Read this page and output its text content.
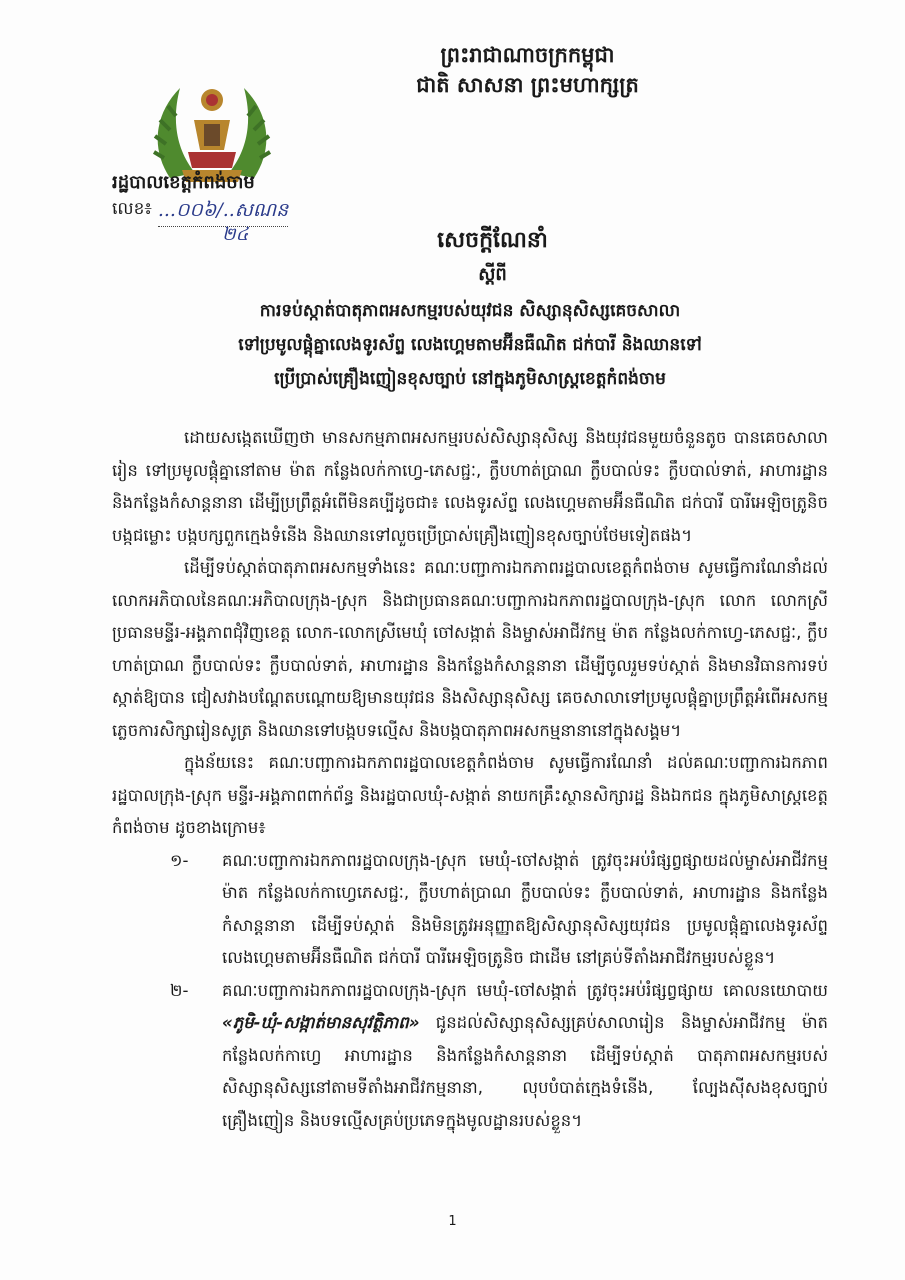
ព្រះរាជាណាចក្រកម្ពុជា
ជាតិ សាសនា ព្រះមហាក្សត្រ
រដ្ឋបាលខេត្តកំពង់ចាម
លេខ៖ ...០០៦/..សណន
២៤	សេចក្តីណែនាំ
ស្តីពី
ការទប់ស្កាត់បាតុភាពអសកម្មរបស់យុវជន សិស្សានុសិស្សគេចសាលា
ទៅប្រមូលផ្តុំគ្នាលេងទូរស័ព្ទ លេងហ្គេមតាមអ៊ីនធឺណិត ជក់បារី និងឈានទៅ
ប្រើប្រាស់គ្រឿងញៀនខុសច្បាប់ នៅក្នុងភូមិសាស្ត្រខេត្តកំពង់ចាម

ដោយសង្កេតឃើញថា មានសកម្មភាពអសកម្មរបស់សិស្សានុសិស្ស និងយុវជនមួយចំនួនតូច បានគេចសាលារៀន ទៅប្រមូលផ្តុំគ្នានៅតាម ម៉ាត កន្លែងលក់កាហ្វេ-ភេសជ្ជៈ, ក្លឹបហាត់ប្រាណ ក្លឹបបាល់ទះ ក្លឹបបាល់ទាត់, អាហារដ្ឋាន និងកន្លែងកំសាន្តនានា ដើម្បីប្រព្រឹត្តអំពើមិនគប្បីដូចជា៖ លេងទូរស័ព្ទ លេងហ្គេមតាមអ៊ីនធឺណិត ជក់បារី បារីអេឡិចត្រូនិច បង្កជម្លោះ បង្កបក្សពួកក្មេងទំនើង និងឈានទៅលួចប្រើប្រាស់គ្រឿងញៀនខុសច្បាប់ថែមទៀតផង។

ដើម្បីទប់ស្កាត់បាតុភាពអសកម្មទាំងនេះ គណៈបញ្ជាការឯកភាពរដ្ឋបាលខេត្តកំពង់ចាម សូមធ្វើការណែនាំដល់លោកអភិបាលនៃគណៈអភិបាលក្រុង-ស្រុក និងជាប្រធានគណៈបញ្ជាការឯកភាពរដ្ឋបាលក្រុង-ស្រុក លោក លោកស្រីប្រធានមន្ទីរ-អង្គភាពជុំវិញខេត្ត លោក-លោកស្រីមេឃុំ ចៅសង្កាត់ និងម្ចាស់អាជីវកម្ម ម៉ាត កន្លែងលក់កាហ្វេ-ភេសជ្ជៈ, ក្លឹបហាត់ប្រាណ ក្លឹបបាល់ទះ ក្លឹបបាល់ទាត់, អាហារដ្ឋាន និងកន្លែងកំសាន្តនានា ដើម្បីចូលរួមទប់ស្កាត់ និងមានវិធានការទប់ស្កាត់ឱ្យបាន ជៀសវាងបណ្តែតបណ្តោយឱ្យមានយុវជន និងសិស្សានុសិស្ស គេចសាលាទៅប្រមូលផ្តុំគ្នាប្រព្រឹត្តអំពើអសកម្ម ភ្លេចការសិក្សារៀនសូត្រ និងឈានទៅបង្កបទល្មើស និងបង្កបាតុភាពអសកម្មនានានៅក្នុងសង្គម។

ក្នុងន័យនេះ គណៈបញ្ជាការឯកភាពរដ្ឋបាលខេត្តកំពង់ចាម សូមធ្វើការណែនាំ ដល់គណៈបញ្ជាការឯកភាពរដ្ឋបាលក្រុង-ស្រុក មន្ទីរ-អង្គភាពពាក់ព័ន្ធ និងរដ្ឋបាលឃុំ-សង្កាត់ នាយកគ្រឹះស្ថានសិក្សារដ្ឋ និងឯកជន ក្នុងភូមិសាស្ត្រខេត្តកំពង់ចាម ដូចខាងក្រោម៖

១- គណៈបញ្ជាការឯកភាពរដ្ឋបាលក្រុង-ស្រុក មេឃុំ-ចៅសង្កាត់ ត្រូវចុះអប់រំផ្សព្វផ្សាយដល់ម្ចាស់អាជីវកម្ម ម៉ាត កន្លែងលក់កាហ្វេភេសជ្ជៈ, ក្លឹបហាត់ប្រាណ ក្លឹបបាល់ទះ ក្លឹបបាល់ទាត់, អាហារដ្ឋាន និងកន្លែងកំសាន្តនានា ដើម្បីទប់ស្កាត់ និងមិនត្រូវអនុញ្ញាតឱ្យសិស្សានុសិស្សយុវជន ប្រមូលផ្តុំគ្នាលេងទូរស័ព្ទ លេងហ្គេមតាមអ៊ីនធឺណិត ជក់បារី បារីអេឡិចត្រូនិច ជាដើម នៅគ្រប់ទីតាំងអាជីវកម្មរបស់ខ្លួន។
២- គណៈបញ្ជាការឯកភាពរដ្ឋបាលក្រុង-ស្រុក មេឃុំ-ចៅសង្កាត់ ត្រូវចុះអប់រំផ្សព្វផ្សាយ គោលនយោបាយ «ភូមិ-ឃុំ-សង្កាត់មានសុវត្ថិភាព» ជូនដល់សិស្សានុសិស្សគ្រប់សាលារៀន និងម្ចាស់អាជីវកម្ម ម៉ាត កន្លែងលក់កាហ្វេ អាហារដ្ឋាន និងកន្លែងកំសាន្តនានា ដើម្បីទប់ស្កាត់ បាតុភាពអសកម្មរបស់សិស្សានុសិស្សនៅតាមទីតាំងអាជីវកម្មនានា, លុបបំបាត់ក្មេងទំនើង, ល្បែងស៊ីសងខុសច្បាប់ គ្រឿងញៀន និងបទល្មើសគ្រប់ប្រភេទក្នុងមូលដ្ឋានរបស់ខ្លួន។
1
